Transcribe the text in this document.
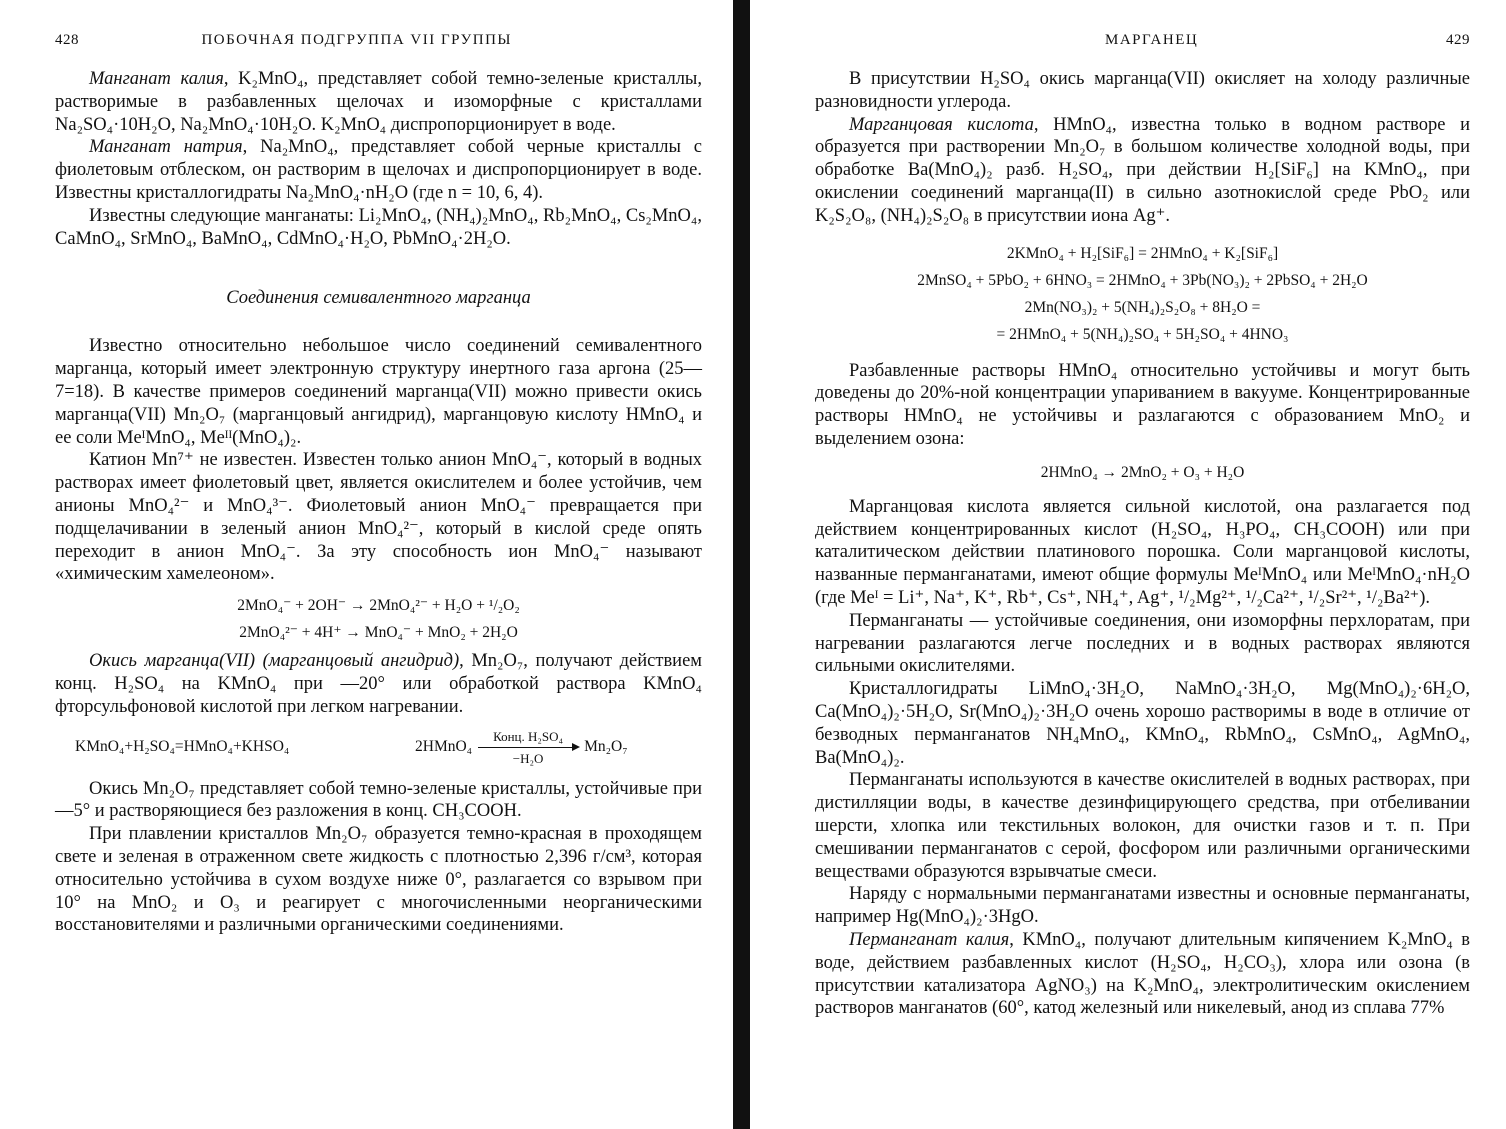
428	ПОБОЧНАЯ ПОДГРУППА VII ГРУППЫ

Манганат калия, K₂MnO₄, представляет собой темно-зеленые кристаллы, растворимые в разбавленных щелочах и изоморфные с кристаллами Na₂SO₄·10H₂O, Na₂MnO₄·10H₂O. K₂MnO₄ диспропорционирует в воде.

Манганат натрия, Na₂MnO₄, представляет собой черные кристаллы с фиолетовым отблеском, он растворим в щелочах и диспропорционирует в воде. Известны кристаллогидраты Na₂MnO₄·nH₂O (где n = 10, 6, 4).

Известны следующие манганаты: Li₂MnO₄, (NH₄)₂MnO₄, Rb₂MnO₄, Cs₂MnO₄, CaMnO₄, SrMnO₄, BaMnO₄, CdMnO₄·H₂O, PbMnO₄·2H₂O.

Соединения семивалентного марганца

Известно относительно небольшое число соединений семивалентного марганца, который имеет электронную структуру инертного газа аргона (25—7=18). В качестве примеров соединений марганца(VII) можно привести окись марганца(VII) Mn₂O₇ (марганцовый ангидрид), марганцовую кислоту HMnO₄ и ее соли MeᴵMnO₄, Meᴵᴵ(MnO₄)₂.

Катион Mn⁷⁺ не известен. Известен только анион MnO₄⁻, который в водных растворах имеет фиолетовый цвет, является окислителем и более устойчив, чем анионы MnO₄²⁻ и MnO₄³⁻. Фиолетовый анион MnO₄⁻ превращается при подщелачивании в зеленый анион MnO₄²⁻, который в кислой среде опять переходит в анион MnO₄⁻. За эту способность ион MnO₄⁻ называют «химическим хамелеоном».

2MnO₄⁻ + 2OH⁻ → 2MnO₄²⁻ + H₂O + ¹/₂O₂
2MnO₄²⁻ + 4H⁺ → MnO₄⁻ + MnO₂ + 2H₂O

Окись марганца(VII) (марганцовый ангидрид), Mn₂O₇, получают действием конц. H₂SO₄ на KMnO₄ при —20° или обработкой раствора KMnO₄ фторсульфоновой кислотой при легком нагревании.

KMnO₄+H₂SO₄=HMnO₄+KHSO₄	2HMnO₄
Конц. H₂SO₄
−H₂O
Mn₂O₇

Окись Mn₂O₇ представляет собой темно-зеленые кристаллы, устойчивые при —5° и растворяющиеся без разложения в конц. CH₃COOH.

При плавлении кристаллов Mn₂O₇ образуется темно-красная в проходящем свете и зеленая в отраженном свете жидкость с плотностью 2,396 г/см³, которая относительно устойчива в сухом воздухе ниже 0°, разлагается со взрывом при 10° на MnO₂ и O₃ и реагирует с многочисленными неорганическими восстановителями и различными органическими соединениями.

МАРГАНЕЦ	429

В присутствии H₂SO₄ окись марганца(VII) окисляет на холоду различные разновидности углерода.

Марганцовая кислота, HMnO₄, известна только в водном растворе и образуется при растворении Mn₂O₇ в большом количестве холодной воды, при обработке Ba(MnO₄)₂ разб. H₂SO₄, при действии H₂[SiF₆] на KMnO₄, при окислении соединений марганца(II) в сильно азотнокислой среде PbO₂ или K₂S₂O₈, (NH₄)₂S₂O₈ в присутствии иона Ag⁺.

2KMnO₄ + H₂[SiF₆] = 2HMnO₄ + K₂[SiF₆]
2MnSO₄ + 5PbO₂ + 6HNO₃ = 2HMnO₄ + 3Pb(NO₃)₂ + 2PbSO₄ + 2H₂O
2Mn(NO₃)₂ + 5(NH₄)₂S₂O₈ + 8H₂O =
= 2HMnO₄ + 5(NH₄)₂SO₄ + 5H₂SO₄ + 4HNO₃

Разбавленные растворы HMnO₄ относительно устойчивы и могут быть доведены до 20%-ной концентрации упариванием в вакууме. Концентрированные растворы HMnO₄ не устойчивы и разлагаются с образованием MnO₂ и выделением озона:

2HMnO₄ → 2MnO₂ + O₃ + H₂O

Марганцовая кислота является сильной кислотой, она разлагается под действием концентрированных кислот (H₂SO₄, H₃PO₄, CH₃COOH) или при каталитическом действии платинового порошка. Соли марганцовой кислоты, названные перманганатами, имеют общие формулы MeᴵMnO₄ или MeᴵMnO₄·nH₂O (где Meᴵ = Li⁺, Na⁺, K⁺, Rb⁺, Cs⁺, NH₄⁺, Ag⁺, ¹/₂Mg²⁺, ¹/₂Ca²⁺, ¹/₂Sr²⁺, ¹/₂Ba²⁺).

Перманганаты — устойчивые соединения, они изоморфны перхлоратам, при нагревании разлагаются легче последних и в водных растворах являются сильными окислителями.

Кристаллогидраты LiMnO₄·3H₂O, NaMnO₄·3H₂O, Mg(MnO₄)₂·6H₂O, Ca(MnO₄)₂·5H₂O, Sr(MnO₄)₂·3H₂O очень хорошо растворимы в воде в отличие от безводных перманганатов NH₄MnO₄, KMnO₄, RbMnO₄, CsMnO₄, AgMnO₄, Ba(MnO₄)₂.

Перманганаты используются в качестве окислителей в водных растворах, при дистилляции воды, в качестве дезинфицирующего средства, при отбеливании шерсти, хлопка или текстильных волокон, для очистки газов и т. п. При смешивании перманганатов с серой, фосфором или различными органическими веществами образуются взрывчатые смеси.

Наряду с нормальными перманганатами известны и основные перманганаты, например Hg(MnO₄)₂·3HgO.

Перманганат калия, KMnO₄, получают длительным кипячением K₂MnO₄ в воде, действием разбавленных кислот (H₂SO₄, H₂CO₃), хлора или озона (в присутствии катализатора AgNO₃) на K₂MnO₄, электролитическим окислением растворов манганатов (60°, катод железный или никелевый, анод из сплава 77%
